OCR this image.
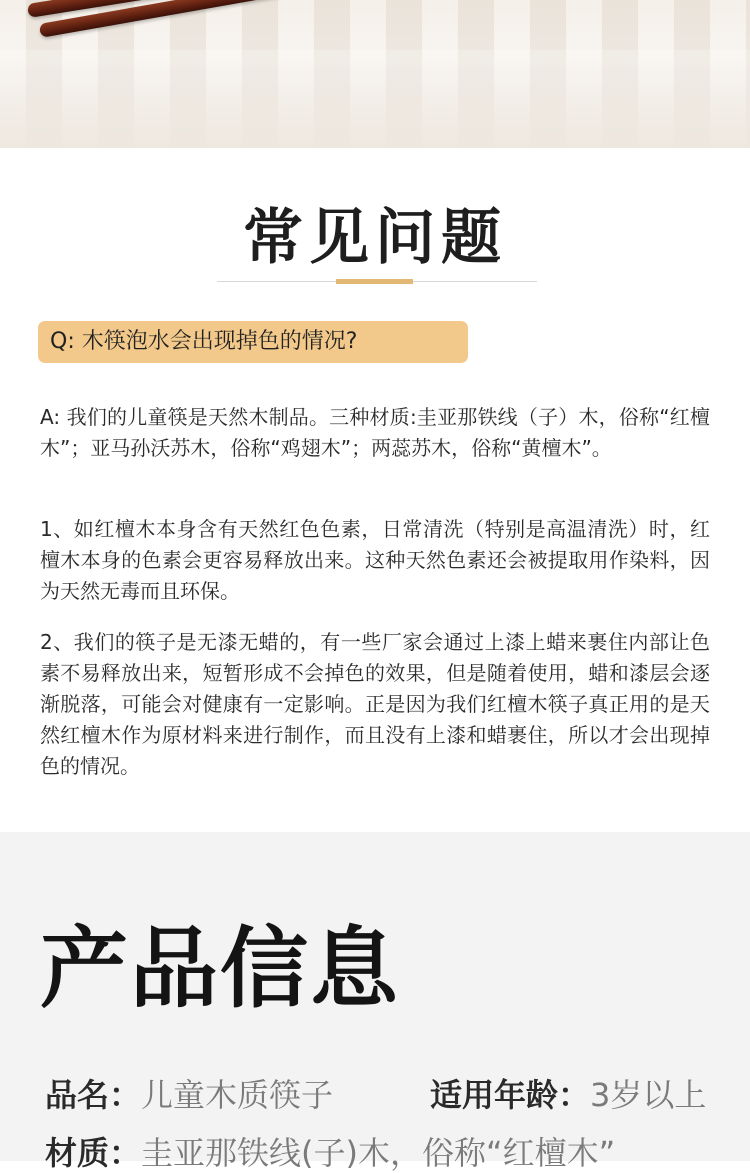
常见问题
Q: 木筷泡水会出现掉色的情况?
A: 我们的儿童筷是天然木制品。三种材质:圭亚那铁线（子）木，俗称“红檀木”；亚马孙沃苏木，俗称“鸡翅木”；两蕊苏木，俗称“黄檀木”。
1、如红檀木本身含有天然红色色素，日常清洗（特别是高温清洗）时，红檀木本身的色素会更容易释放出来。这种天然色素还会被提取用作染料，因为天然无毒而且环保。
2、我们的筷子是无漆无蜡的，有一些厂家会通过上漆上蜡来裹住内部让色素不易释放出来，短暂形成不会掉色的效果，但是随着使用，蜡和漆层会逐渐脱落，可能会对健康有一定影响。正是因为我们红檀木筷子真正用的是天然红檀木作为原材料来进行制作，而且没有上漆和蜡裹住，所以才会出现掉色的情况。
产品信息
品名：儿童木质筷子	适用年龄：3岁以上
材质：圭亚那铁线(子)木，俗称“红檀木”
